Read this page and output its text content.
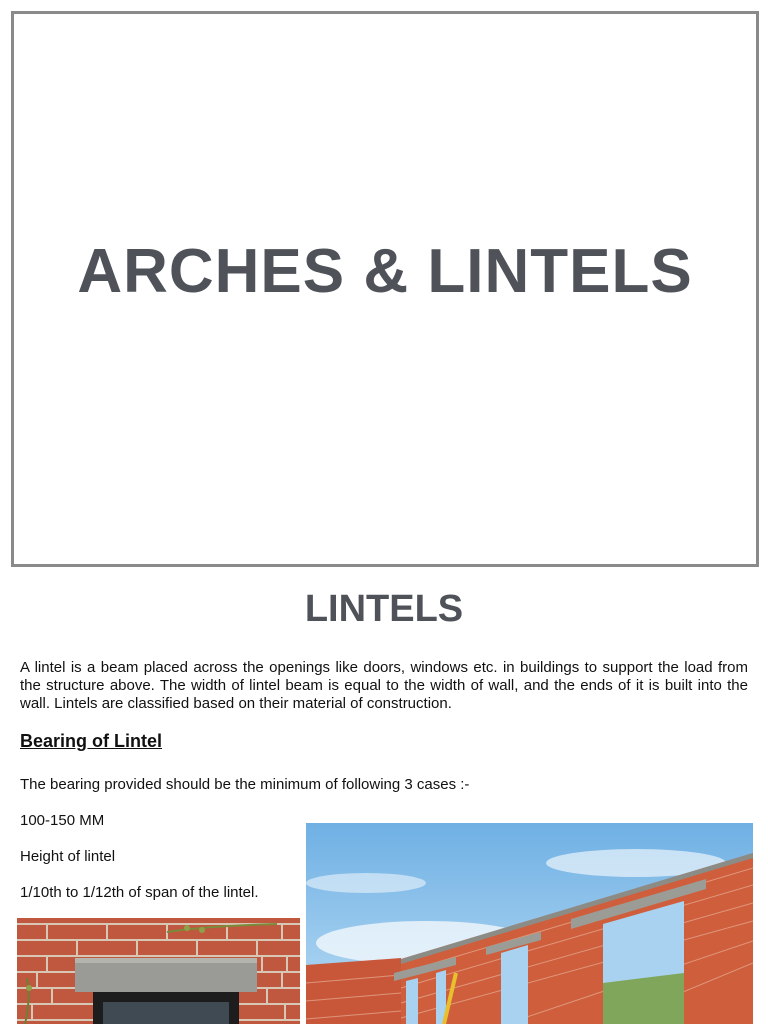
ARCHES & LINTELS
LINTELS
A lintel is a beam placed across the openings like doors, windows etc. in buildings to support the load from the structure above. The width of lintel beam is equal to the width of wall, and the ends of it is built into the wall. Lintels are classified based on their material of construction.
Bearing of Lintel
The bearing provided should be the minimum of following 3 cases :-
100-150 MM
Height of lintel
1/10th to 1/12th of span of the lintel.
